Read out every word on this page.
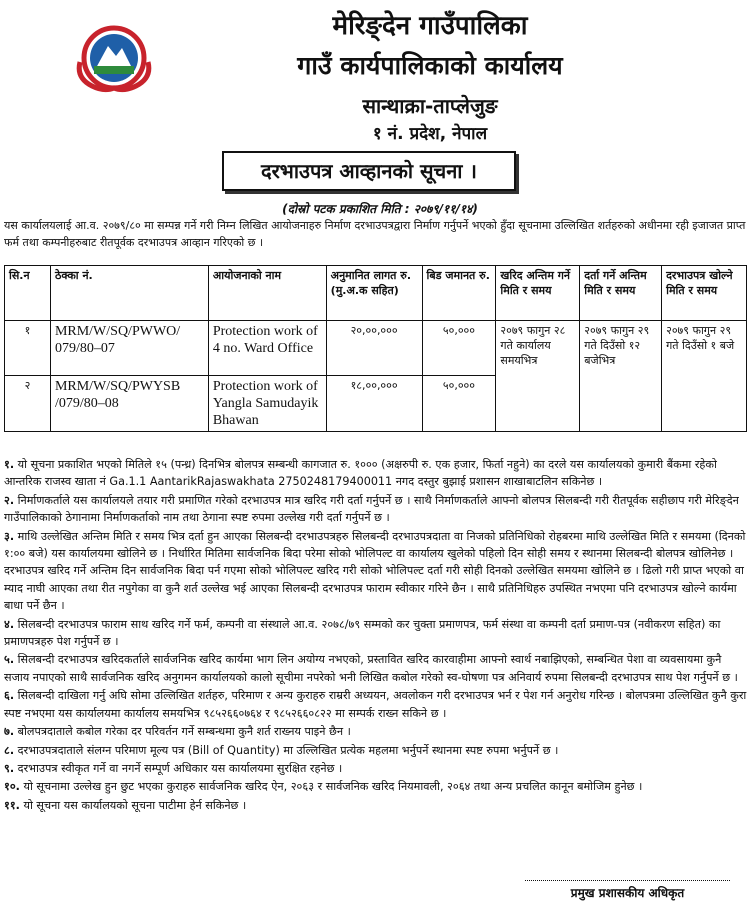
मेरिङ्देन गाउँपालिका
गाउँ कार्यपालिकाको कार्यालय
सान्थाक्रा-ताप्लेजुङ
१ नं. प्रदेश, नेपाल
दरभाउपत्र आव्हानको सूचना ।
(दोस्रो पटक प्रकाशित मिति : २०७९/११/१४)
यस कार्यालयलाई आ.व. २०७९/८० मा सम्पन्न गर्ने गरी निम्न लिखित आयोजनाहरु निर्माण दरभाउपत्रद्वारा निर्माण गर्नुपर्ने भएको हुँदा सूचनामा उल्लिखित शर्तहरुको अधीनमा रही इजाजत प्राप्त फर्म तथा कम्पनीहरुबाट रीतपूर्वक दरभाउपत्र आव्हान गरिएको छ ।
सि.न	ठेक्का नं.	आयोजनाको नाम	अनुमानित लागत रु. (मु.अ.क सहित)	बिड जमानत रु.	खरिद अन्तिम गर्ने मिति र समय	दर्ता गर्ने अन्तिम मिति र समय	दरभाउपत्र खोल्ने मिति र समय
१	MRM/W/SQ/PWWO/ 079/80–07	Protection work of 4 no. Ward Office	२०,००,०००	५०,०००	२०७९ फागुन २८ गते कार्यालय समयभित्र	२०७९ फागुन २९ गते दिउँसो १२ बजेभित्र	२०७९ फागुन २९ गते दिउँसो १ बजे
२	MRM/W/SQ/PWYSB /079/80–08	Protection work of Yangla Samudayik Bhawan	१८,००,०००	५०,०००			
१. यो सूचना प्रकाशित भएको मितिले १५ (पन्ध्र) दिनभित्र बोलपत्र सम्बन्धी कागजात रु. १००० (अक्षरुपी रु. एक हजार, फिर्ता नहुने) का दरले यस कार्यालयको कुमारी बैंकमा रहेको आन्तरिक राजस्व खाता नं Ga.1.1 AantarikRajaswakhata 2750248179400011 नगद दस्तुर बुझाई प्रशासन शाखाबाटलिन सकिनेछ ।
२. निर्माणकर्ताले यस कार्यालयले तयार गरी प्रमाणित गरेको दरभाउपत्र मात्र खरिद गरी दर्ता गर्नुपर्ने छ । साथै निर्माणकर्ताले आफ्नो बोलपत्र सिलबन्दी गरी रीतपूर्वक सहीछाप गरी मेरिङ्देन गाउँपालिकाको ठेगानामा निर्माणकर्ताको नाम तथा ठेगाना स्पष्ट रुपमा उल्लेख गरी दर्ता गर्नुपर्ने छ ।
३. माथि उल्लेखित अन्तिम मिति र समय भित्र दर्ता हुन आएका सिलबन्दी दरभाउपत्रहरु सिलबन्दी दरभाउपत्रदाता वा निजको प्रतिनिधिको रोहबरमा माथि उल्लेखित मिति र समयमा (दिनको १:०० बजे) यस कार्यालयमा खोलिने छ । निर्धारित मितिमा सार्वजनिक बिदा परेमा सोको भोलिपल्ट वा कार्यालय खुलेको पहिलो दिन सोही समय र स्थानमा सिलबन्दी बोलपत्र खोलिनेछ । दरभाउपत्र खरिद गर्ने अन्तिम दिन सार्वजनिक बिदा पर्न गएमा सोको भोलिपल्ट खरिद गरी सोको भोलिपल्ट दर्ता गरी सोही दिनको उल्लेखित समयमा खोलिने छ । ढिलो गरी प्राप्त भएको वा म्याद नाघी आएका तथा रीत नपुगेका वा कुनै शर्त उल्लेख भई आएका सिलबन्दी दरभाउपत्र फाराम स्वीकार गरिने छैन । साथै प्रतिनिधिहरु उपस्थित नभएमा पनि दरभाउपत्र खोल्ने कार्यमा बाधा पर्ने छैन ।
४. सिलबन्दी दरभाउपत्र फाराम साथ खरिद गर्ने फर्म, कम्पनी वा संस्थाले आ.व. २०७८/७९ सम्मको कर चुक्ता प्रमाणपत्र, फर्म संस्था वा कम्पनी दर्ता प्रमाण-पत्र (नवीकरण सहित) का प्रमाणपत्रहरु पेश गर्नुपर्ने छ ।
५. सिलबन्दी दरभाउपत्र खरिदकर्ताले सार्वजनिक खरिद कार्यमा भाग लिन अयोग्य नभएको, प्रस्तावित खरिद कारवाहीमा आफ्नो स्वार्थ नबाझिएको, सम्बन्धित पेशा वा व्यवसायमा कुनै सजाय नपाएको साथै सार्वजनिक खरिद अनुगमन कार्यालयको कालो सूचीमा नपरेको भनी लिखित कबोल गरेको स्व-घोषणा पत्र अनिवार्य रुपमा सिलबन्दी दरभाउपत्र साथ पेश गर्नुपर्ने छ ।
६. सिलबन्दी दाखिला गर्नु अघि सोमा उल्लिखित शर्तहरु, परिमाण र अन्य कुराहरु राम्ररी अध्ययन, अवलोकन गरी दरभाउपत्र भर्न र पेश गर्न अनुरोध गरिन्छ । बोलपत्रमा उल्लिखित कुनै कुरा स्पष्ट नभएमा यस कार्यालयमा कार्यालय समयभित्र ९८५२६६०७६४ र ९८५२६६०८२२ मा सम्पर्क राख्न सकिने छ ।
७. बोलपत्रदाताले कबोल गरेका दर परिवर्तन गर्ने सम्बन्धमा कुनै शर्त राख्नय पाइने छैन ।
८. दरभाउपत्रदाताले संलग्न परिमाण मूल्य पत्र (Bill of Quantity) मा उल्लिखित प्रत्येक महलमा भर्नुपर्ने स्थानमा स्पष्ट रुपमा भर्नुपर्ने छ ।
९. दरभाउपत्र स्वीकृत गर्ने वा नगर्ने सम्पूर्ण अधिकार यस कार्यालयमा सुरक्षित रहनेछ ।
१०. यो सूचनामा उल्लेख हुन छुट भएका कुराहरु सार्वजनिक खरिद ऐन, २०६३ र सार्वजनिक खरिद नियमावली, २०६४ तथा अन्य प्रचलित कानून बमोजिम हुनेछ ।
११. यो सूचना यस कार्यालयको सूचना पाटीमा हेर्न सकिनेछ ।
प्रमुख प्रशासकीय अधिकृत
